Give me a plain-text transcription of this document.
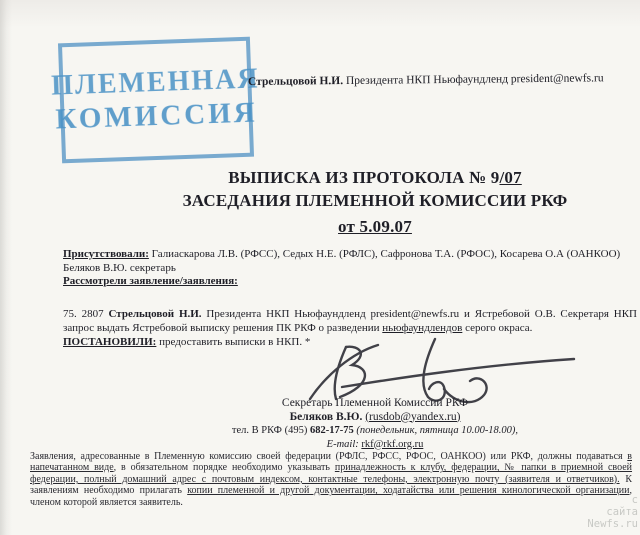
ПЛЕМЕННАЯ
КОМИССИЯ
Стрельцовой Н.И. Президента НКП Ньюфаундленд president@newfs.ru
ВЫПИСКА ИЗ ПРОТОКОЛА № 9/07
ЗАСЕДАНИЯ ПЛЕМЕННОЙ КОМИССИИ РКФ
от 5.09.07
Присутствовали: Галиаскарова Л.В. (РФСС), Седых Н.Е. (РФЛС), Сафронова Т.А. (РФОС), Косарева О.А (ОАНКОО)
Беляков В.Ю. секретарь
Рассмотрели заявление/заявления:
75. 2807 Стрельцовой Н.И. Президента НКП Ньюфаундленд president@newfs.ru и Ястребовой О.В. Секретаря НКП запрос выдать Ястребовой выписку решения ПК РКФ о разведении ньюфаундлендов серого окраса.
ПОСТАНОВИЛИ: предоставить выписки в НКП. *
Секретарь Племенной Комиссии РКФ
Беляков В.Ю. (rusdob@yandex.ru)
тел. В РКФ (495) 682-17-75 (понедельник, пятница 10.00-18.00),
E-mail: rkf@rkf.org.ru
Заявления, адресованные в Племенную комиссию своей федерации (РФЛС, РФСС, РФОС, ОАНКОО) или РКФ, должны подаваться в напечатанном виде, в обязательном порядке необходимо указывать принадлежность к клубу, федерации, № папки в приемной своей федерации, полный домашний адрес с почтовым индексом, контактные телефоны, электронную почту (заявителя и ответчиков). К заявлениям необходимо прилагать копии племенной и другой документации, ходатайства или решения кинологической организации, членом которой является заявитель.	с
сайта
Newfs.ru
